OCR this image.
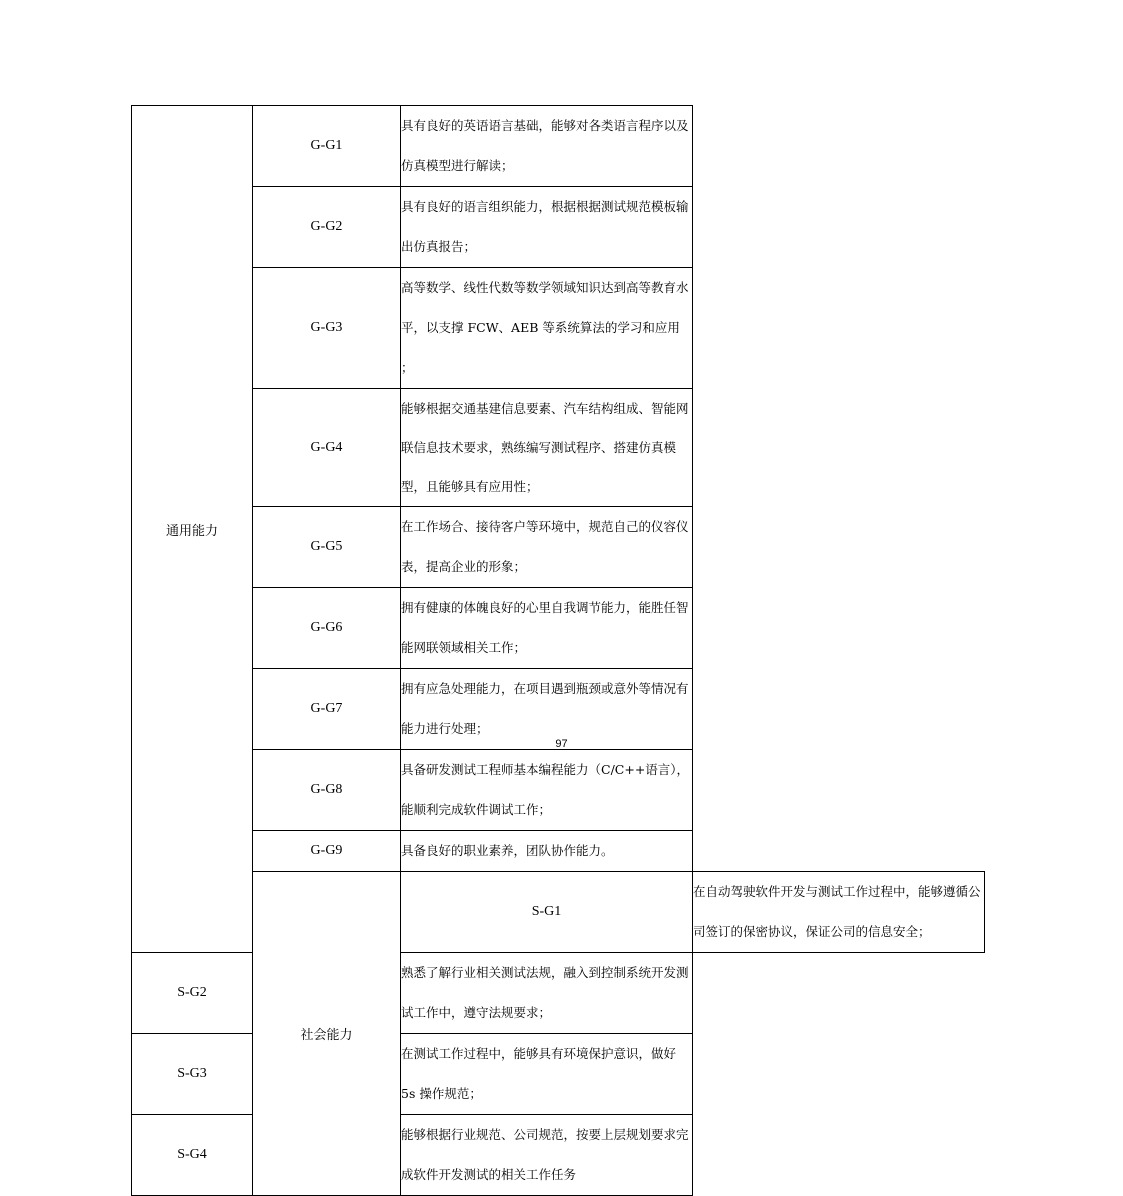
通用能力	G-G1	具有良好的英语语言基础，能够对各类语言程序以及仿真模型进行解读；	
	G-G2	具有良好的语言组织能力，根据根据测试规范模板输出仿真报告；	
	G-G3	高等数学、线性代数等数学领域知识达到高等教育水平，以支撑 FCW、AEB 等系统算法的学习和应用 ；	
	G-G4	能够根据交通基建信息要素、汽车结构组成、智能网联信息技术要求，熟练编写测试程序、搭建仿真模型，且能够具有应用性；	
	G-G5	在工作场合、接待客户等环境中，规范自己的仪容仪表，提高企业的形象；	
	G-G6	拥有健康的体魄良好的心里自我调节能力，能胜任智能网联领域相关工作；	
	G-G7	拥有应急处理能力，在项目遇到瓶颈或意外等情况有能力进行处理；	
	G-G8	具备研发测试工程师基本编程能力（C/C++语言），能顺利完成软件调试工作；	
	G-G9	具备良好的职业素养，团队协作能力。	
	社会能力	S-G1	在自动驾驶软件开发与测试工作过程中，能够遵循公司签订的保密协议，保证公司的信息安全；
S-G2		熟悉了解行业相关测试法规，融入到控制系统开发测试工作中，遵守法规要求；	
S-G3		在测试工作过程中，能够具有环境保护意识，做好 5s 操作规范；	
S-G4		能够根据行业规范、公司规范，按要上层规划要求完成软件开发测试的相关工作任务	
97
